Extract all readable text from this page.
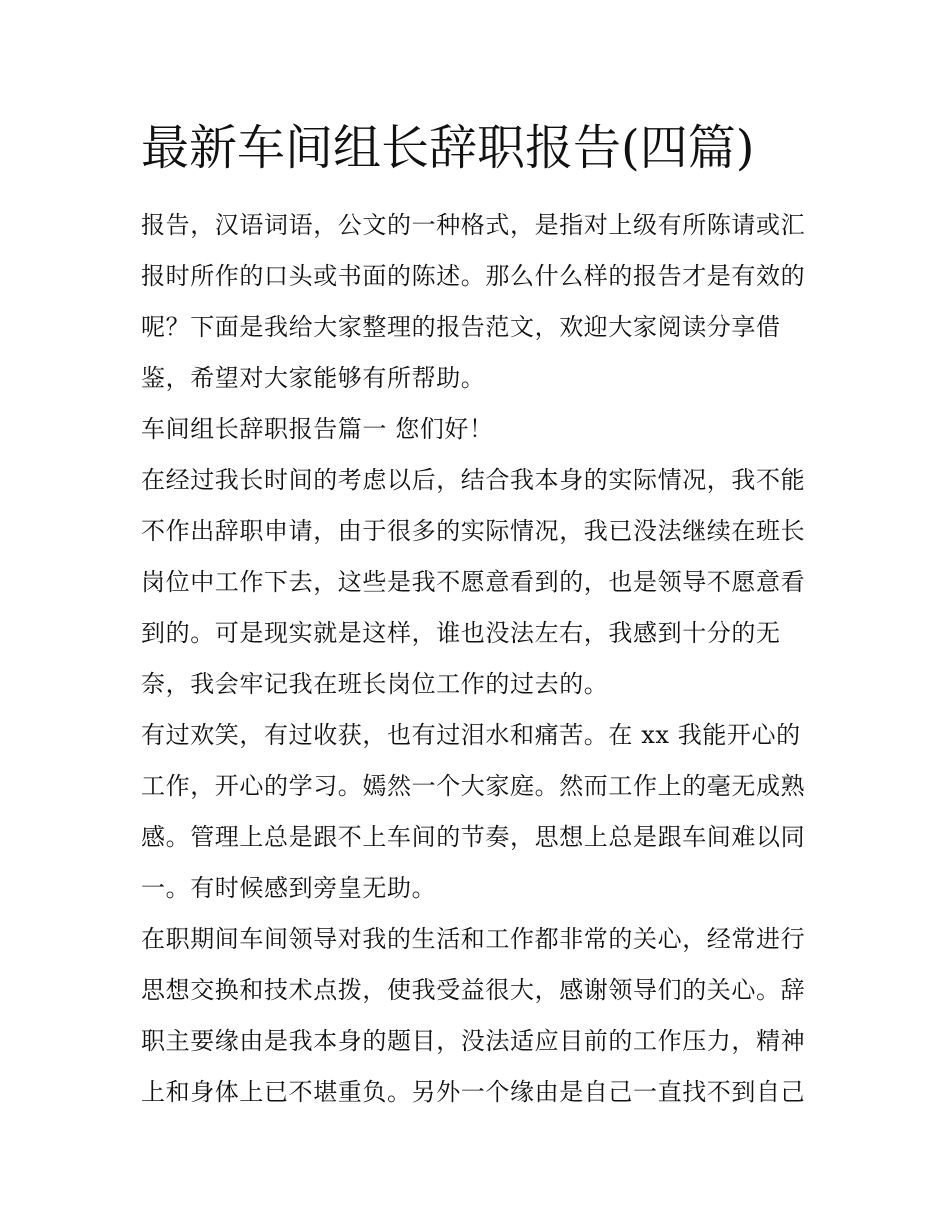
最新车间组长辞职报告(四篇)

报告，汉语词语，公文的一种格式，是指对上级有所陈请或汇

报时所作的口头或书面的陈述。那么什么样的报告才是有效的

呢？下面是我给大家整理的报告范文，欢迎大家阅读分享借

鉴，希望对大家能够有所帮助。

车间组长辞职报告篇一 您们好！

在经过我长时间的考虑以后，结合我本身的实际情况，我不能

不作出辞职申请，由于很多的实际情况，我已没法继续在班长

岗位中工作下去，这些是我不愿意看到的，也是领导不愿意看

到的。可是现实就是这样，谁也没法左右，我感到十分的无

奈，我会牢记我在班长岗位工作的过去的。

有过欢笑，有过收获，也有过泪水和痛苦。在 xx 我能开心的

工作，开心的学习。嫣然一个大家庭。然而工作上的毫无成熟

感。管理上总是跟不上车间的节奏，思想上总是跟车间难以同

一。有时候感到旁皇无助。

在职期间车间领导对我的生活和工作都非常的关心，经常进行

思想交换和技术点拨，使我受益很大，感谢领导们的关心。辞

职主要缘由是我本身的题目，没法适应目前的工作压力，精神

上和身体上已不堪重负。另外一个缘由是自己一直找不到自己
